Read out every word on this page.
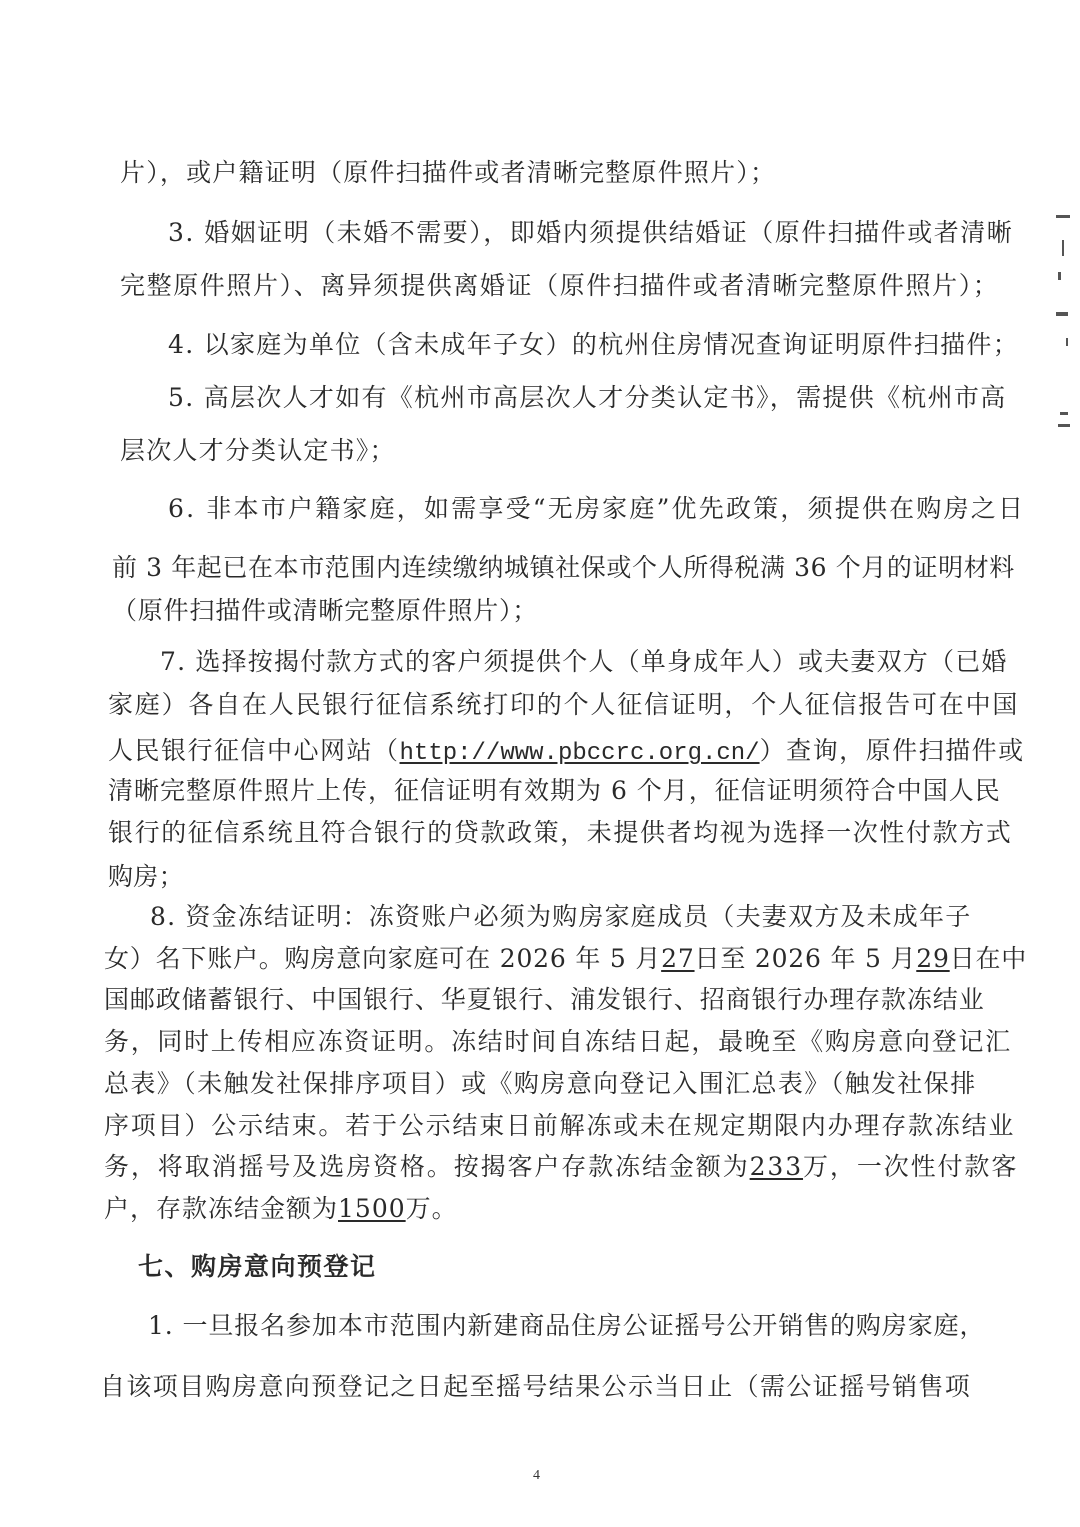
片），或户籍证明（原件扫描件或者清晰完整原件照片）；
3. 婚姻证明（未婚不需要），即婚内须提供结婚证（原件扫描件或者清晰
完整原件照片）、离异须提供离婚证（原件扫描件或者清晰完整原件照片）；
4. 以家庭为单位（含未成年子女）的杭州住房情况查询证明原件扫描件；
5. 高层次人才如有《杭州市高层次人才分类认定书》，需提供《杭州市高
层次人才分类认定书》；
6. 非本市户籍家庭，如需享受“无房家庭”优先政策，须提供在购房之日
前 3 年起已在本市范围内连续缴纳城镇社保或个人所得税满 36 个月的证明材料
（原件扫描件或清晰完整原件照片）；
7. 选择按揭付款方式的客户须提供个人（单身成年人）或夫妻双方（已婚
家庭）各自在人民银行征信系统打印的个人征信证明，个人征信报告可在中国
人民银行征信中心网站（http://www.pbccrc.org.cn/）查询，原件扫描件或
清晰完整原件照片上传，征信证明有效期为 6 个月，征信证明须符合中国人民
银行的征信系统且符合银行的贷款政策，未提供者均视为选择一次性付款方式
购房；
8. 资金冻结证明：冻资账户必须为购房家庭成员（夫妻双方及未成年子
女）名下账户。购房意向家庭可在 2026 年 5 月27日至 2026 年 5 月29日在中
国邮政储蓄银行、中国银行、华夏银行、浦发银行、招商银行办理存款冻结业
务，同时上传相应冻资证明。冻结时间自冻结日起，最晚至《购房意向登记汇
总表》（未触发社保排序项目）或《购房意向登记入围汇总表》（触发社保排
序项目）公示结束。若于公示结束日前解冻或未在规定期限内办理存款冻结业
务，将取消摇号及选房资格。按揭客户存款冻结金额为233万，一次性付款客
户，存款冻结金额为1500万。
七、购房意向预登记
1. 一旦报名参加本市范围内新建商品住房公证摇号公开销售的购房家庭，
自该项目购房意向预登记之日起至摇号结果公示当日止（需公证摇号销售项
4
